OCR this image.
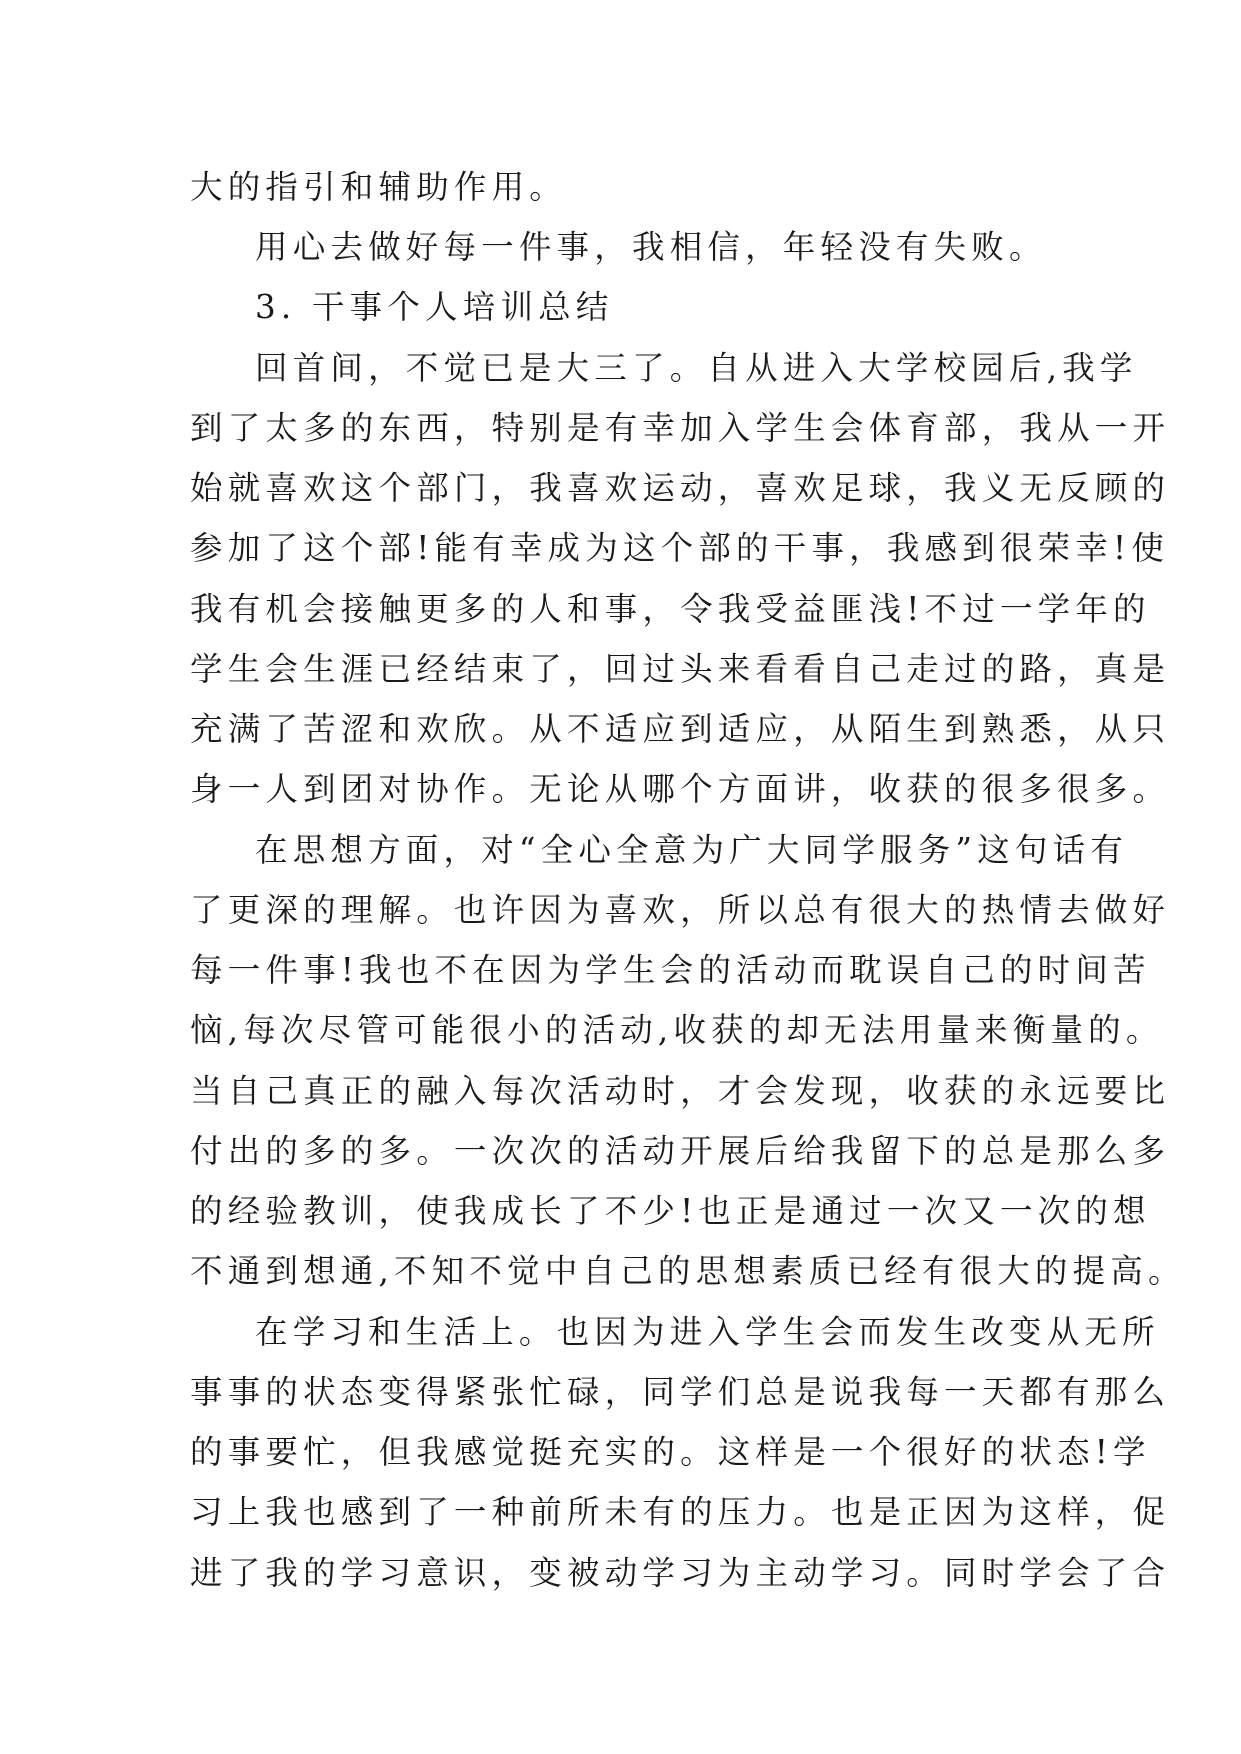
大的指引和辅助作用。
用心去做好每一件事，我相信，年轻没有失败。
3. 干事个人培训总结
回首间，不觉已是大三了。自从进入大学校园后,我学
到了太多的东西，特别是有幸加入学生会体育部，我从一开
始就喜欢这个部门，我喜欢运动，喜欢足球，我义无反顾的
参加了这个部!能有幸成为这个部的干事，我感到很荣幸!使
我有机会接触更多的人和事，令我受益匪浅!不过一学年的
学生会生涯已经结束了，回过头来看看自己走过的路，真是
充满了苦涩和欢欣。从不适应到适应，从陌生到熟悉，从只
身一人到团对协作。无论从哪个方面讲，收获的很多很多。
在思想方面，对“全心全意为广大同学服务”这句话有
了更深的理解。也许因为喜欢，所以总有很大的热情去做好
每一件事!我也不在因为学生会的活动而耽误自己的时间苦
恼,每次尽管可能很小的活动,收获的却无法用量来衡量的。
当自己真正的融入每次活动时，才会发现，收获的永远要比
付出的多的多。一次次的活动开展后给我留下的总是那么多
的经验教训，使我成长了不少!也正是通过一次又一次的想
不通到想通,不知不觉中自己的思想素质已经有很大的提高。
在学习和生活上。也因为进入学生会而发生改变从无所
事事的状态变得紧张忙碌，同学们总是说我每一天都有那么
的事要忙，但我感觉挺充实的。这样是一个很好的状态!学
习上我也感到了一种前所未有的压力。也是正因为这样，促
进了我的学习意识，变被动学习为主动学习。同时学会了合
